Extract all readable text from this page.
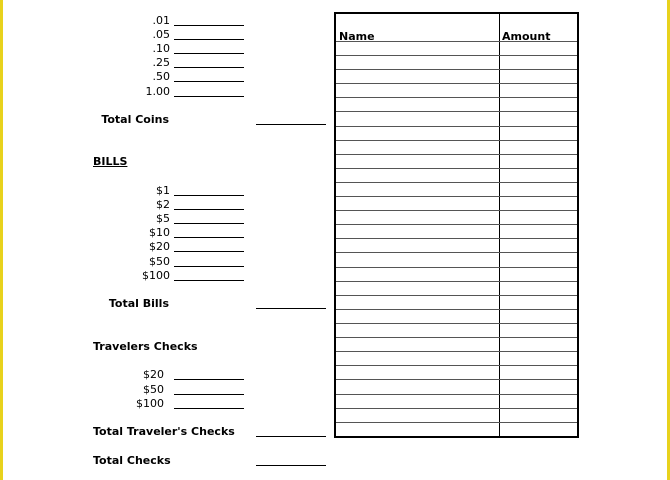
.01
.05
.10
.25
.50
1.00
Total Coins
BILLS
$1
$2
$5
$10
$20
$50
$100
Total Bills
Travelers Checks
$20
$50
$100
Total Traveler's Checks
Total Checks
Name	Amount
